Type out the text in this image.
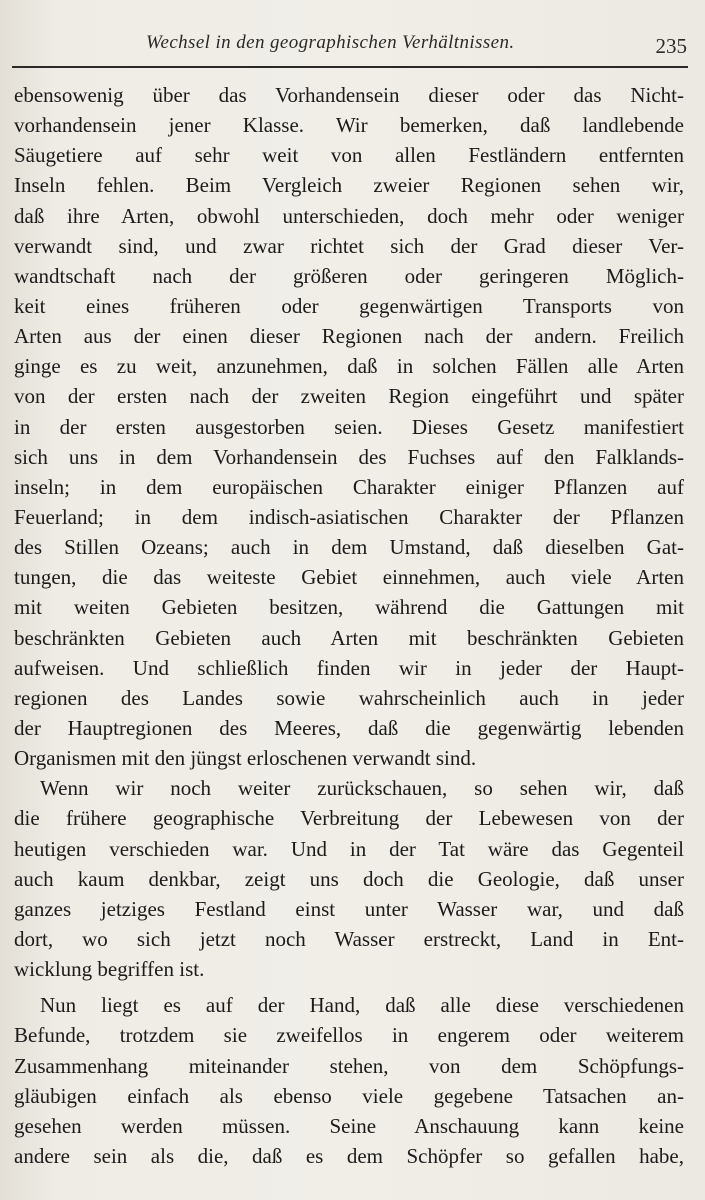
Wechsel in den geographischen Verhältnissen.	235
ebensowenig über das Vorhandensein dieser oder das Nicht-
vorhandensein jener Klasse. Wir bemerken, daß landlebende
Säugetiere auf sehr weit von allen Festländern entfernten
Inseln fehlen. Beim Vergleich zweier Regionen sehen wir,
daß ihre Arten, obwohl unterschieden, doch mehr oder weniger
verwandt sind, und zwar richtet sich der Grad dieser Ver-
wandtschaft nach der größeren oder geringeren Möglich-
keit eines früheren oder gegenwärtigen Transports von
Arten aus der einen dieser Regionen nach der andern. Freilich
ginge es zu weit, anzunehmen, daß in solchen Fällen alle Arten
von der ersten nach der zweiten Region eingeführt und später
in der ersten ausgestorben seien. Dieses Gesetz manifestiert
sich uns in dem Vorhandensein des Fuchses auf den Falklands-
inseln; in dem europäischen Charakter einiger Pflanzen auf
Feuerland; in dem indisch-asiatischen Charakter der Pflanzen
des Stillen Ozeans; auch in dem Umstand, daß dieselben Gat-
tungen, die das weiteste Gebiet einnehmen, auch viele Arten
mit weiten Gebieten besitzen, während die Gattungen mit
beschränkten Gebieten auch Arten mit beschränkten Gebieten
aufweisen. Und schließlich finden wir in jeder der Haupt-
regionen des Landes sowie wahrscheinlich auch in jeder
der Hauptregionen des Meeres, daß die gegenwärtig lebenden
Organismen mit den jüngst erloschenen verwandt sind.
Wenn wir noch weiter zurückschauen, so sehen wir, daß
die frühere geographische Verbreitung der Lebewesen von der
heutigen verschieden war. Und in der Tat wäre das Gegenteil
auch kaum denkbar, zeigt uns doch die Geologie, daß unser
ganzes jetziges Festland einst unter Wasser war, und daß
dort, wo sich jetzt noch Wasser erstreckt, Land in Ent-
wicklung begriffen ist.
Nun liegt es auf der Hand, daß alle diese verschiedenen
Befunde, trotzdem sie zweifellos in engerem oder weiterem
Zusammenhang miteinander stehen, von dem Schöpfungs-
gläubigen einfach als ebenso viele gegebene Tatsachen an-
gesehen werden müssen. Seine Anschauung kann keine
andere sein als die, daß es dem Schöpfer so gefallen habe,
